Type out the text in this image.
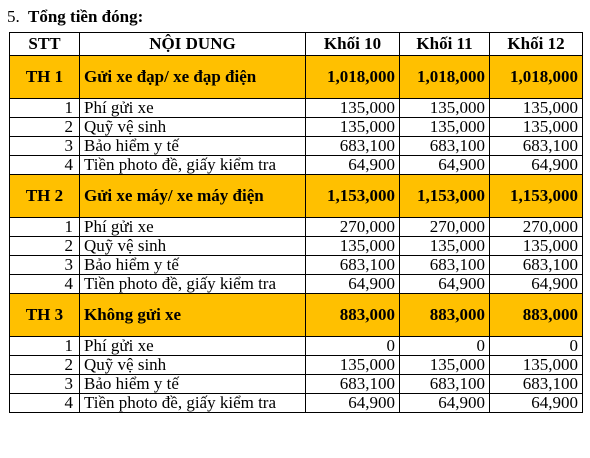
5. Tổng tiền đóng:
STT	NỘI DUNG	Khối 10	Khối 11	Khối 12
TH 1	Gửi xe đạp/ xe đạp điện	1,018,000	1,018,000	1,018,000
1	Phí gửi xe	135,000	135,000	135,000
2	Quỹ vệ sinh	135,000	135,000	135,000
3	Bảo hiểm y tế	683,100	683,100	683,100
4	Tiền photo đề, giấy kiểm tra	64,900	64,900	64,900
TH 2	Gửi xe máy/ xe máy điện	1,153,000	1,153,000	1,153,000
1	Phí gửi xe	270,000	270,000	270,000
2	Quỹ vệ sinh	135,000	135,000	135,000
3	Bảo hiểm y tế	683,100	683,100	683,100
4	Tiền photo đề, giấy kiểm tra	64,900	64,900	64,900
TH 3	Không gửi xe	883,000	883,000	883,000
1	Phí gửi xe	0	0	0
2	Quỹ vệ sinh	135,000	135,000	135,000
3	Bảo hiểm y tế	683,100	683,100	683,100
4	Tiền photo đề, giấy kiểm tra	64,900	64,900	64,900
